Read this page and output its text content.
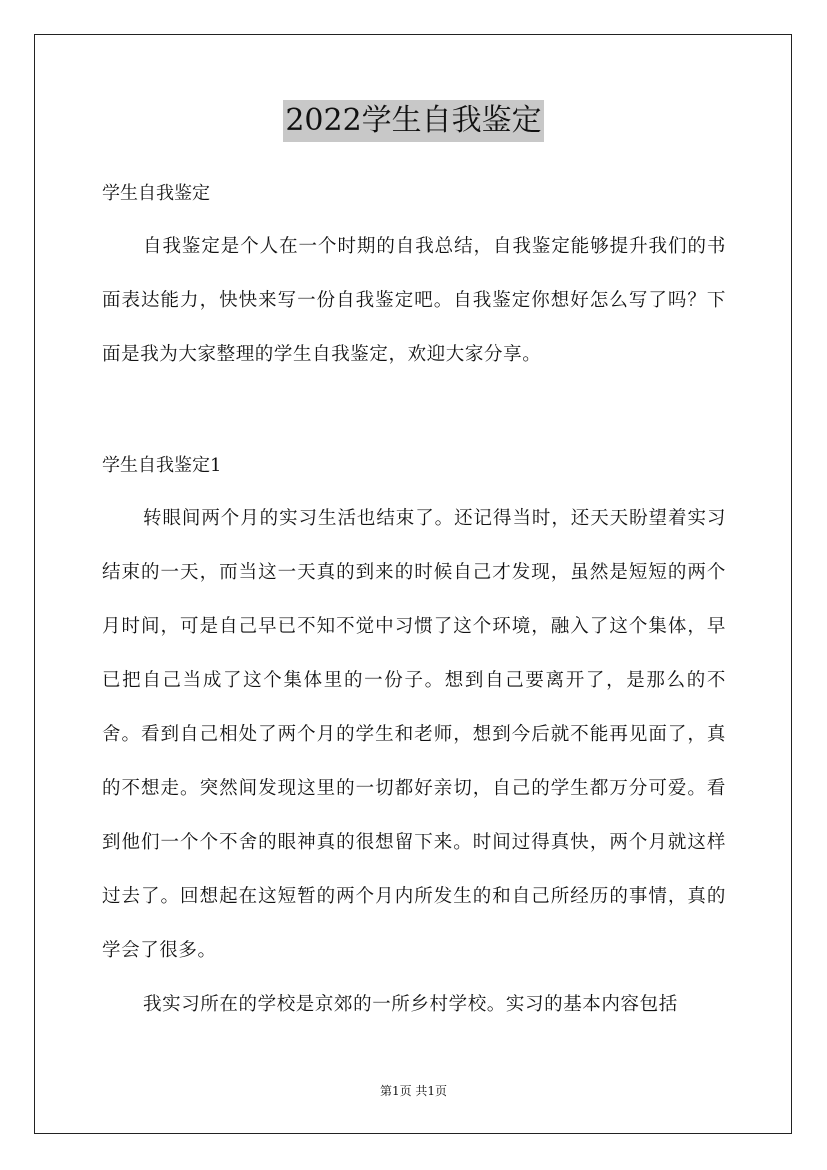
2022学生自我鉴定
学生自我鉴定
自我鉴定是个人在一个时期的自我总结，自我鉴定能够提升我们的书面表达能力，快快来写一份自我鉴定吧。自我鉴定你想好怎么写了吗？下面是我为大家整理的学生自我鉴定，欢迎大家分享。
学生自我鉴定1
转眼间两个月的实习生活也结束了。还记得当时，还天天盼望着实习结束的一天，而当这一天真的到来的时候自己才发现，虽然是短短的两个月时间，可是自己早已不知不觉中习惯了这个环境，融入了这个集体，早已把自己当成了这个集体里的一份子。想到自己要离开了，是那么的不舍。看到自己相处了两个月的学生和老师，想到今后就不能再见面了，真的不想走。突然间发现这里的一切都好亲切，自己的学生都万分可爱。看到他们一个个不舍的眼神真的很想留下来。时间过得真快，两个月就这样过去了。回想起在这短暂的两个月内所发生的和自己所经历的事情，真的学会了很多。
我实习所在的学校是京郊的一所乡村学校。实习的基本内容包括
第1页 共1页
